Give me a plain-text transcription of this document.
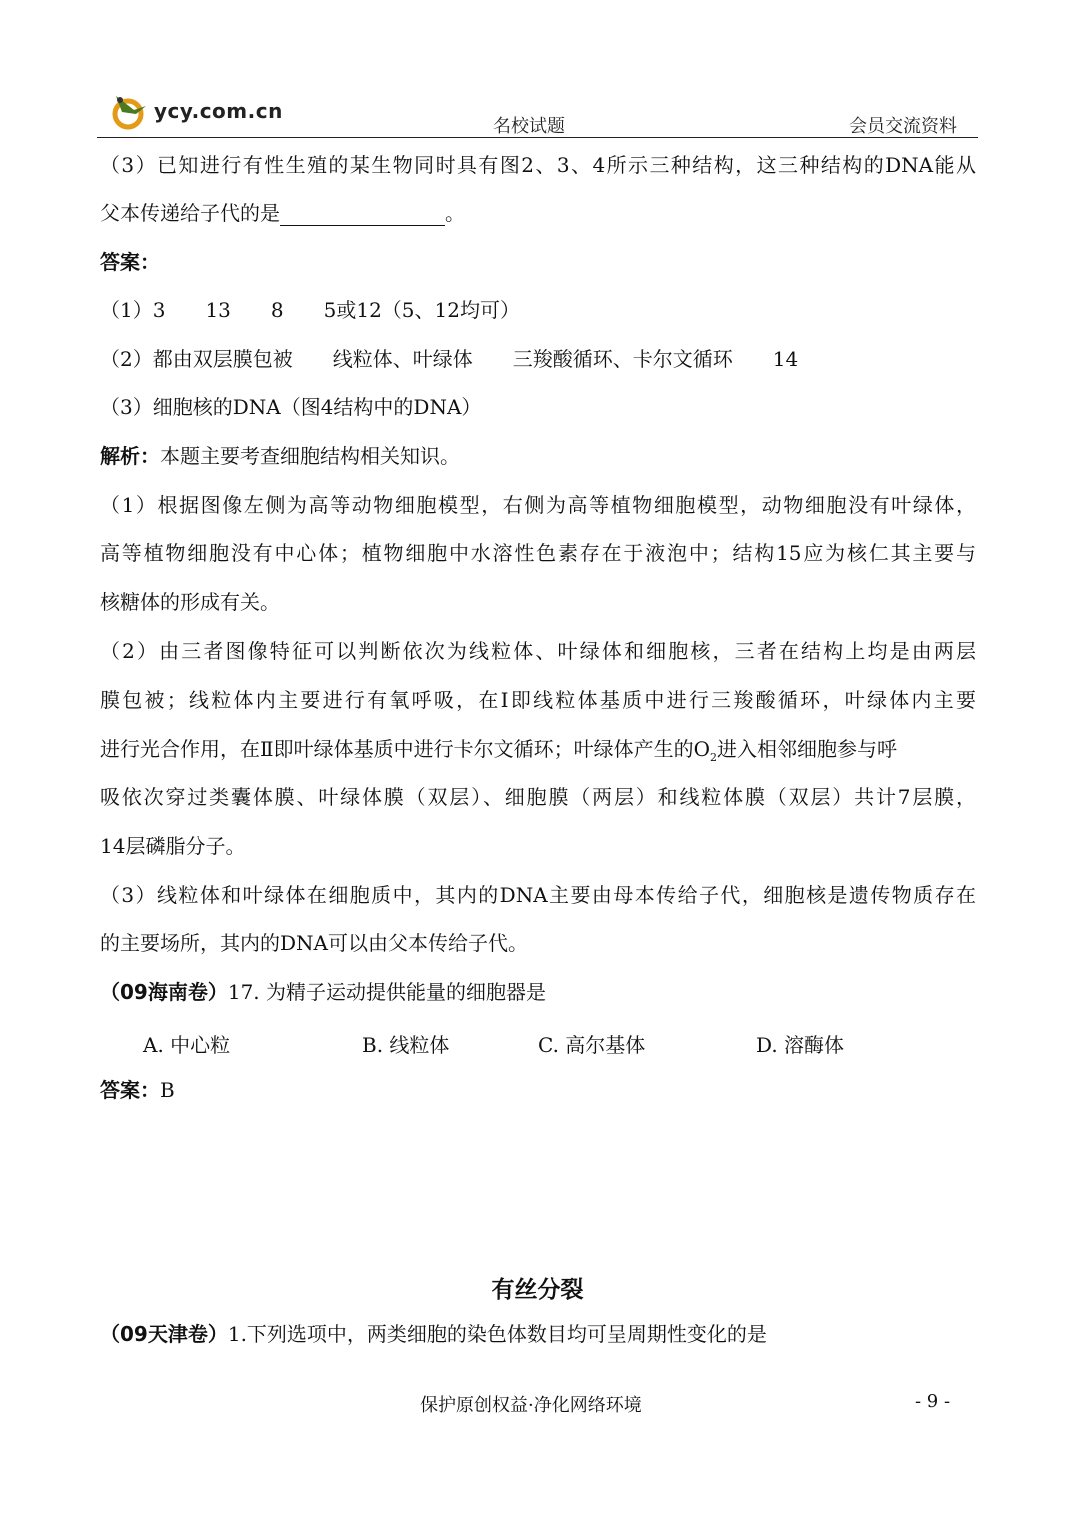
ycy.com.cn
名校试题	会员交流资料
（3）已知进行有性生殖的某生物同时具有图2、3、4所示三种结构，这三种结构的DNA能从
父本传递给子代的是	。
答案：
（1）3　　13　　8　　5或12（5、12均可）
（2）都由双层膜包被　　线粒体、叶绿体　　三羧酸循环、卡尔文循环　　14
（3）细胞核的DNA（图4结构中的DNA）
解析：本题主要考查细胞结构相关知识。
（1）根据图像左侧为高等动物细胞模型，右侧为高等植物细胞模型，动物细胞没有叶绿体，
高等植物细胞没有中心体；植物细胞中水溶性色素存在于液泡中；结构15应为核仁其主要与
核糖体的形成有关。
（2）由三者图像特征可以判断依次为线粒体、叶绿体和细胞核，三者在结构上均是由两层
膜包被；线粒体内主要进行有氧呼吸，在Ⅰ即线粒体基质中进行三羧酸循环，叶绿体内主要
进行光合作用，在Ⅱ即叶绿体基质中进行卡尔文循环；叶绿体产生的$O_2$进入相邻细胞参与呼
吸依次穿过类囊体膜、叶绿体膜（双层）、细胞膜（两层）和线粒体膜（双层）共计7层膜，
14层磷脂分子。
（3）线粒体和叶绿体在细胞质中，其内的DNA主要由母本传给子代，细胞核是遗传物质存在
的主要场所，其内的DNA可以由父本传给子代。
（09海南卷）17. 为精子运动提供能量的细胞器是
A. 中心粒	B. 线粒体	C. 高尔基体	D. 溶酶体
答案：B
有丝分裂
（09天津卷）1.下列选项中，两类细胞的染色体数目均可呈周期性变化的是
保护原创权益·净化网络环境	- 9 -
